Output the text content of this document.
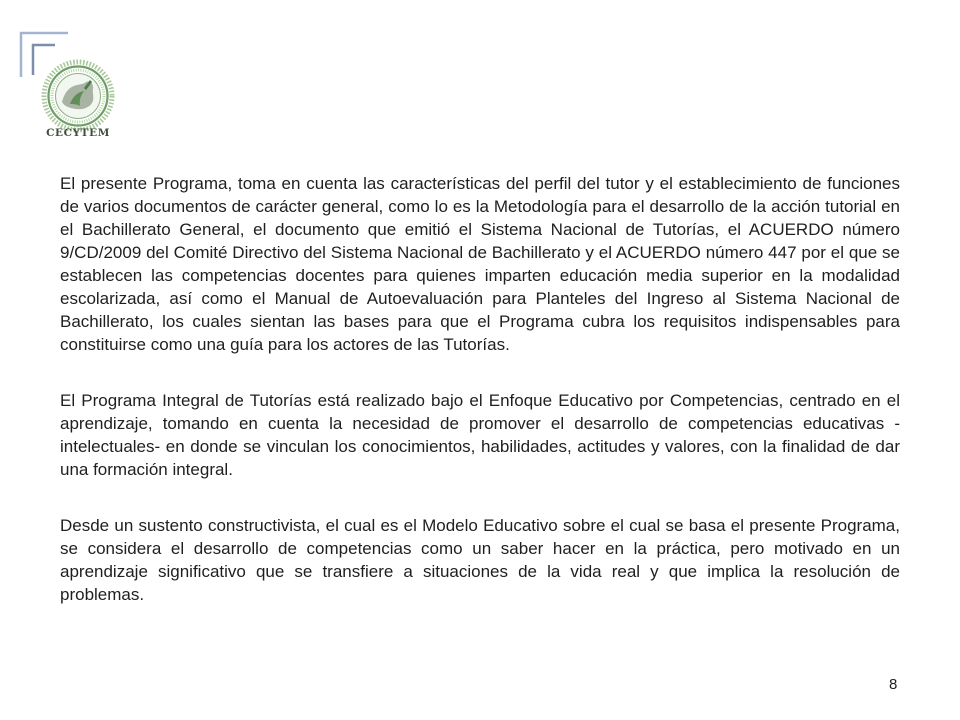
CECYTEM

El presente Programa, toma en cuenta las características del perfil del tutor y el establecimiento de funciones de varios documentos de carácter general, como lo es la Metodología para el desarrollo de la acción tutorial en el Bachillerato General, el documento que emitió el Sistema Nacional de Tutorías, el ACUERDO número 9/CD/2009 del Comité Directivo del Sistema Nacional de Bachillerato y el ACUERDO número 447 por el que se establecen las competencias docentes para quienes imparten educación media superior en la modalidad escolarizada, así como el Manual de Autoevaluación para Planteles del Ingreso al Sistema Nacional de Bachillerato, los cuales sientan las bases para que el Programa cubra los requisitos indispensables para constituirse como una guía para los actores de las Tutorías.

El Programa Integral de Tutorías está realizado bajo el Enfoque Educativo por Competencias, centrado en el aprendizaje, tomando en cuenta la necesidad de promover el desarrollo de competencias educativas -intelectuales- en donde se vinculan los conocimientos, habilidades, actitudes y valores, con la finalidad de dar una formación integral.

Desde un sustento constructivista, el cual es el Modelo Educativo sobre el cual se basa el presente Programa, se considera el desarrollo de competencias como un saber hacer en la práctica, pero motivado en un aprendizaje significativo que se transfiere a situaciones de la vida real y que implica la resolución de problemas.

8
